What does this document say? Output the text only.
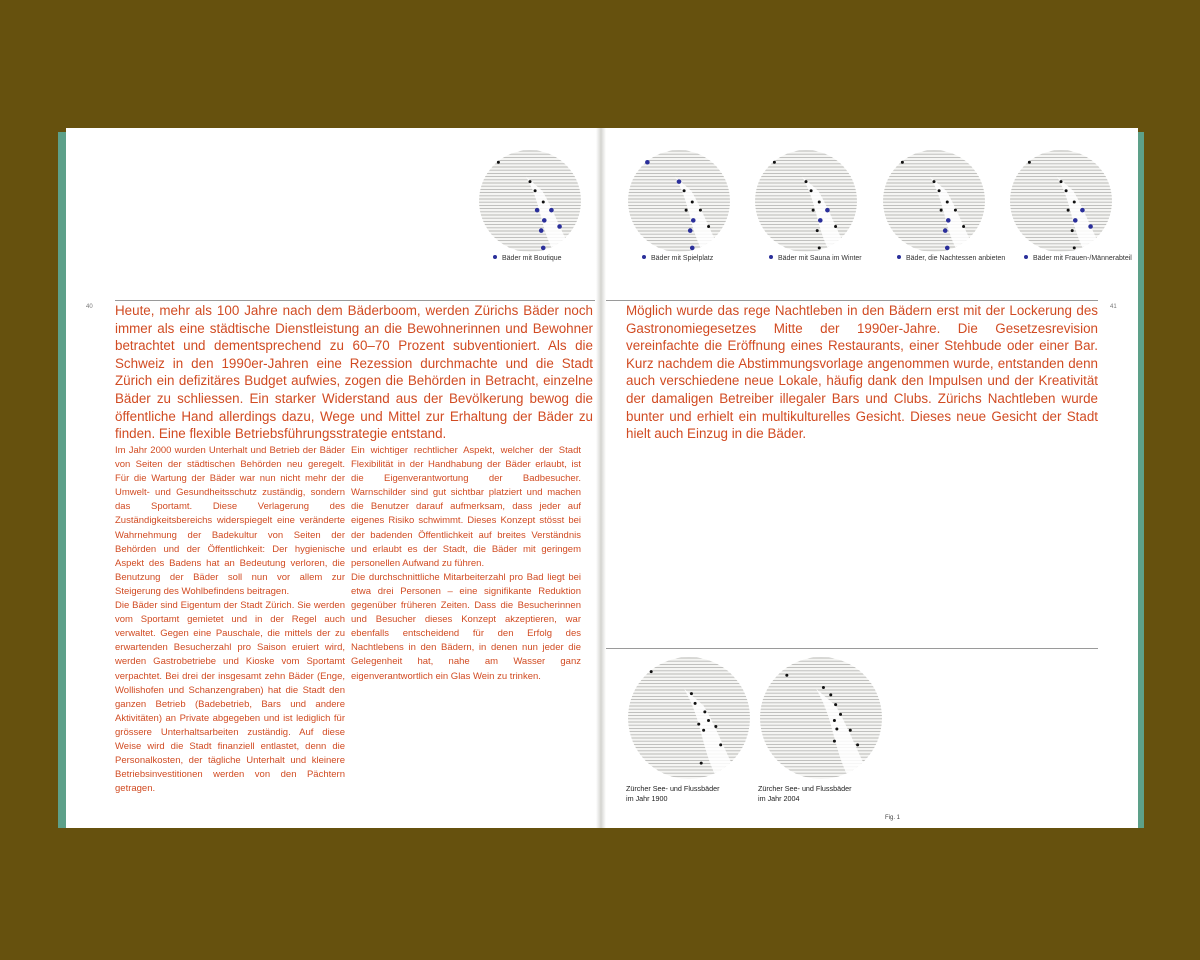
40	41

Heute, mehr als 100 Jahre nach dem Bäderboom, werden Zürichs Bäder noch immer als eine städtische Dienstleistung an die Bewohnerinnen und Bewohner betrachtet und dementsprechend zu 60–70 Prozent subventioniert. Als die Schweiz in den 1990er-Jahren eine Rezession durchmachte und die Stadt Zürich ein defizitäres Budget aufwies, zogen die Behörden in Betracht, einzelne Bäder zu schliessen. Ein starker Widerstand aus der Bevölkerung bewog die öffentliche Hand allerdings dazu, Wege und Mittel zur Erhaltung der Bäder zu finden. Eine flexible Betriebsführungsstrategie entstand.

Möglich wurde das rege Nachtleben in den Bädern erst mit der Lockerung des Gastronomiegesetzes Mitte der 1990er-Jahre. Die Gesetzesrevision vereinfachte die Eröffnung eines Restaurants, einer Stehbude oder einer Bar. Kurz nachdem die Abstimmungsvorlage angenommen wurde, entstanden denn auch verschiedene neue Lokale, häufig dank den Impulsen und der Kreativität der damaligen Betreiber illegaler Bars und Clubs. Zürichs Nachtleben wurde bunter und erhielt ein multikulturelles Gesicht. Dieses neue Gesicht der Stadt hielt auch Einzug in die Bäder.

Im Jahr 2000 wurden Unterhalt und Betrieb der Bäder von Seiten der städtischen Behörden neu geregelt. Für die Wartung der Bäder war nun nicht mehr der Umwelt- und Gesundheitsschutz zuständig, sondern das Sportamt. Diese Verlagerung des Zuständigkeitsbereichs widerspiegelt eine veränderte Wahrnehmung der Badekultur von Seiten der Behörden und der Öffentlichkeit: Der hygienische Aspekt des Badens hat an Bedeutung verloren, die Benutzung der Bäder soll nun vor allem zur Steigerung des Wohlbefindens beitragen.

Die Bäder sind Eigentum der Stadt Zürich. Sie werden vom Sportamt gemietet und in der Regel auch verwaltet. Gegen eine Pauschale, die mittels der zu erwartenden Besucherzahl pro Saison eruiert wird, werden Gastrobetriebe und Kioske vom Sportamt verpachtet. Bei drei der insgesamt zehn Bäder (Enge, Wollishofen und Schanzengraben) hat die Stadt den ganzen Betrieb (Badebetrieb, Bars und andere Aktivitäten) an Private abgegeben und ist lediglich für grössere Unterhaltsarbeiten zuständig. Auf diese Weise wird die Stadt finanziell entlastet, denn die Personalkosten, der tägliche Unterhalt und kleinere Betriebsinvestitionen werden von den Pächtern getragen.

Ein wichtiger rechtlicher Aspekt, welcher der Stadt Flexibilität in der Handhabung der Bäder erlaubt, ist die Eigenverantwortung der Badbesucher. Warnschilder sind gut sichtbar platziert und machen die Benutzer darauf aufmerksam, dass jeder auf eigenes Risiko schwimmt. Dieses Konzept stösst bei der badenden Öffentlichkeit auf breites Verständnis und erlaubt es der Stadt, die Bäder mit geringem personellen Aufwand zu führen.

Die durchschnittliche Mitarbeiterzahl pro Bad liegt bei etwa drei Personen – eine signifikante Reduktion gegenüber früheren Zeiten. Dass die Besucherinnen und Besucher dieses Konzept akzeptieren, war ebenfalls entscheidend für den Erfolg des Nachtlebens in den Bädern, in denen nun jeder die Gelegenheit hat, nahe am Wasser ganz eigenverantwortlich ein Glas Wein zu trinken.

Bäder mit Boutique	Bäder mit Spielplatz	Bäder mit Sauna im Winter	Bäder, die Nachtessen anbieten	Bäder mit Frauen-/Männerabteil
Zürcher See- und Flussbäder
im Jahr 1900
Zürcher See- und Flussbäder
im Jahr 2004
Fig. 1
